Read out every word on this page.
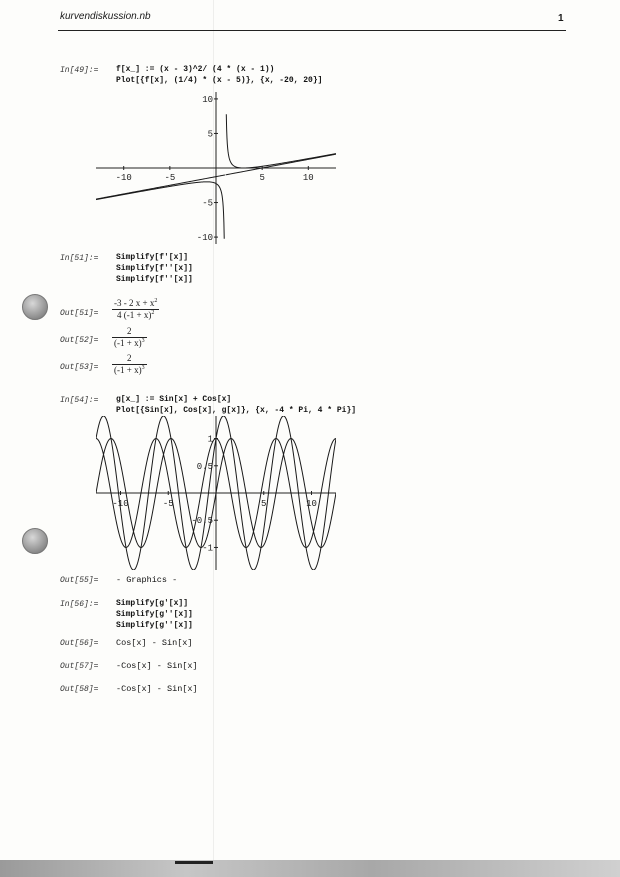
kurvendiskussion.nb	1
In[49]:= f[x_] := (x - 3)^2/ (4 * (x - 1))
Plot[{f[x], (1/4) * (x - 5)}, {x, -20, 20}]
-10	-5	5	10
10
5
-5
-10
In[51]:= Simplify[f'[x]]
Simplify[f''[x]]
Simplify[f''[x]]
$Out[51]= \frac{-3 - 2 x + x^2}{4 (-1 + x)^2}$
$Out[52]= \frac{2}{(-1 + x)^3}$
$Out[53]= \frac{2}{(-1 + x)^3}$
In[54]:= g[x_] := Sin[x] + Cos[x]
Plot[{Sin[x], Cos[x], g[x]}, {x, -4 * Pi, 4 * Pi}]
-10	-5	5	10
1
0.5
-0.5
-1
Out[55]= - Graphics -
In[56]:= Simplify[g'[x]]
Simplify[g''[x]]
Simplify[g''[x]]
Out[56]= Cos[x] - Sin[x]
Out[57]= -Cos[x] - Sin[x]
Out[58]= -Cos[x] - Sin[x]
